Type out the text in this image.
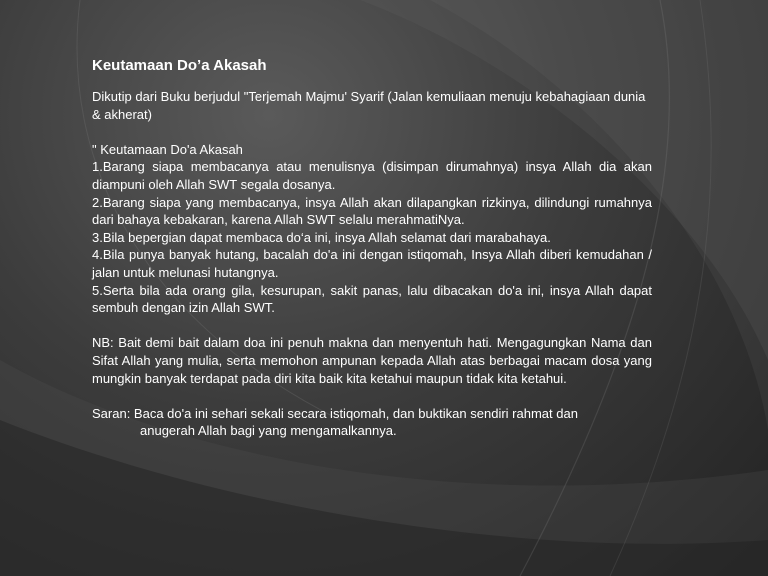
Keutamaan Do’a Akasah
Dikutip dari Buku berjudul "Terjemah Majmu' Syarif (Jalan kemuliaan menuju kebahagiaan dunia & akherat)
" Keutamaan Do'a Akasah
1.Barang siapa membacanya atau menulisnya (disimpan dirumahnya) insya Allah dia akan diampuni oleh Allah SWT segala dosanya.
2.Barang siapa yang membacanya, insya Allah akan dilapangkan rizkinya, dilindungi rumahnya dari bahaya kebakaran, karena Allah SWT selalu merahmatiNya.
3.Bila bepergian dapat membaca do‘a ini, insya Allah selamat dari marabahaya.
4.Bila punya banyak hutang, bacalah do'a ini dengan istiqomah, Insya Allah diberi kemudahan / jalan untuk melunasi hutangnya.
5.Serta bila ada orang gila, kesurupan, sakit panas, lalu dibacakan do'a ini, insya Allah dapat sembuh dengan izin Allah SWT.
NB: Bait demi bait dalam doa ini penuh makna dan menyentuh hati. Mengagungkan Nama dan Sifat Allah yang mulia, serta memohon ampunan kepada Allah atas berbagai macam dosa yang mungkin banyak terdapat pada diri kita baik kita ketahui maupun tidak kita ketahui.
Saran: Baca do'a ini sehari sekali secara istiqomah, dan buktikan sendiri rahmat dan
anugerah Allah bagi yang mengamalkannya.
